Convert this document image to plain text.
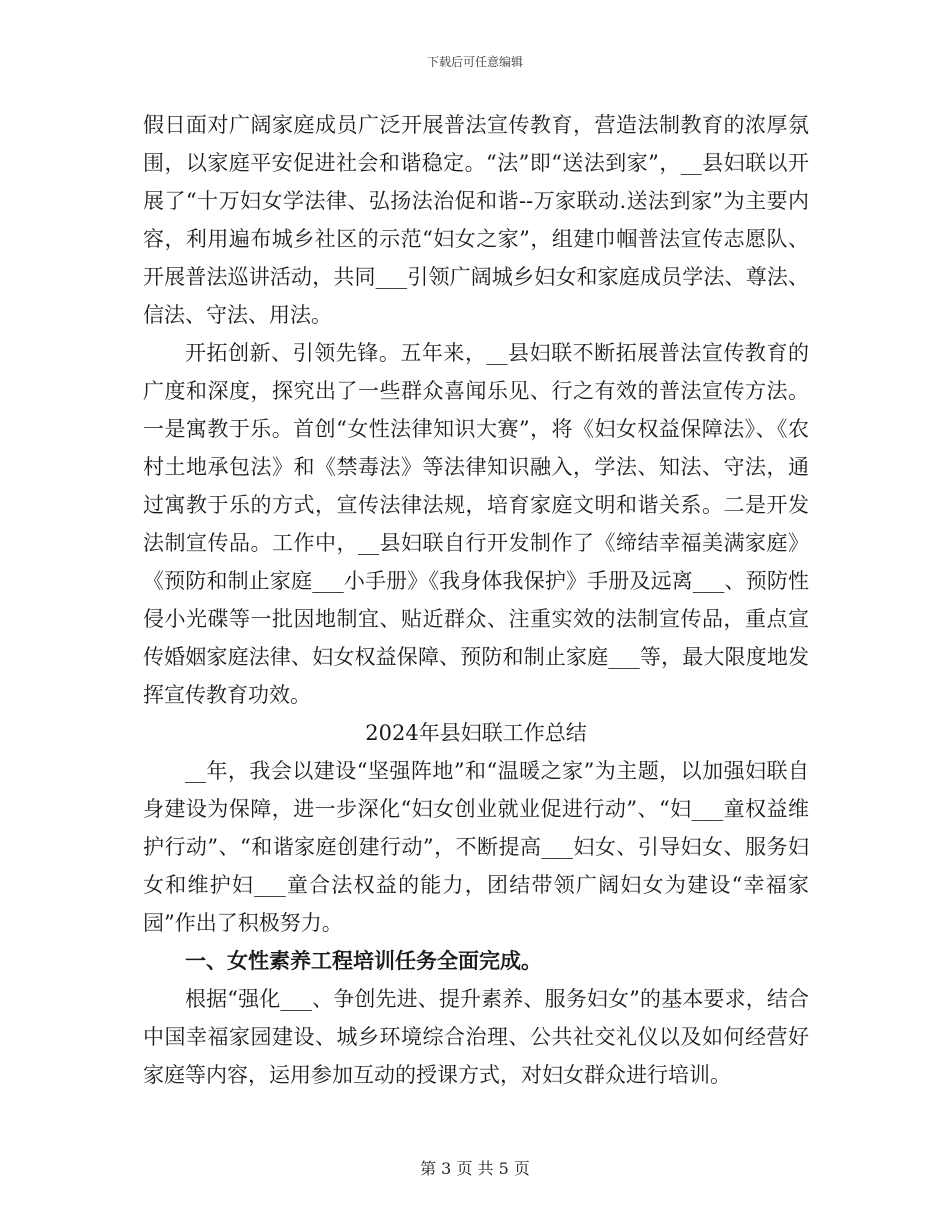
下载后可任意编辑

假日面对广阔家庭成员广泛开展普法宣传教育，营造法制教育的浓厚氛围，以家庭平安促进社会和谐稳定。“法”即“送法到家”，__县妇联以开展了“十万妇女学法律、弘扬法治促和谐--万家联动.送法到家”为主要内容，利用遍布城乡社区的示范“妇女之家”，组建巾帼普法宣传志愿队、开展普法巡讲活动，共同___引领广阔城乡妇女和家庭成员学法、尊法、信法、守法、用法。

开拓创新、引领先锋。五年来，__县妇联不断拓展普法宣传教育的广度和深度，探究出了一些群众喜闻乐见、行之有效的普法宣传方法。一是寓教于乐。首创“女性法律知识大赛”，将《妇女权益保障法》、《农村土地承包法》和《禁毒法》等法律知识融入，学法、知法、守法，通过寓教于乐的方式，宣传法律法规，培育家庭文明和谐关系。二是开发法制宣传品。工作中，__县妇联自行开发制作了《缔结幸福美满家庭》《预防和制止家庭___小手册》《我身体我保护》手册及远离___、预防性侵小光碟等一批因地制宜、贴近群众、注重实效的法制宣传品，重点宣传婚姻家庭法律、妇女权益保障、预防和制止家庭___等，最大限度地发挥宣传教育功效。

2024年县妇联工作总结

__年，我会以建设“坚强阵地”和“温暖之家”为主题，以加强妇联自身建设为保障，进一步深化“妇女创业就业促进行动”、“妇___童权益维护行动”、“和谐家庭创建行动”，不断提高___妇女、引导妇女、服务妇女和维护妇___童合法权益的能力，团结带领广阔妇女为建设“幸福家园”作出了积极努力。

一、女性素养工程培训任务全面完成。

根据“强化___、争创先进、提升素养、服务妇女”的基本要求，结合中国幸福家园建设、城乡环境综合治理、公共社交礼仪以及如何经营好家庭等内容，运用参加互动的授课方式，对妇女群众进行培训。

第 3 页 共 5 页
